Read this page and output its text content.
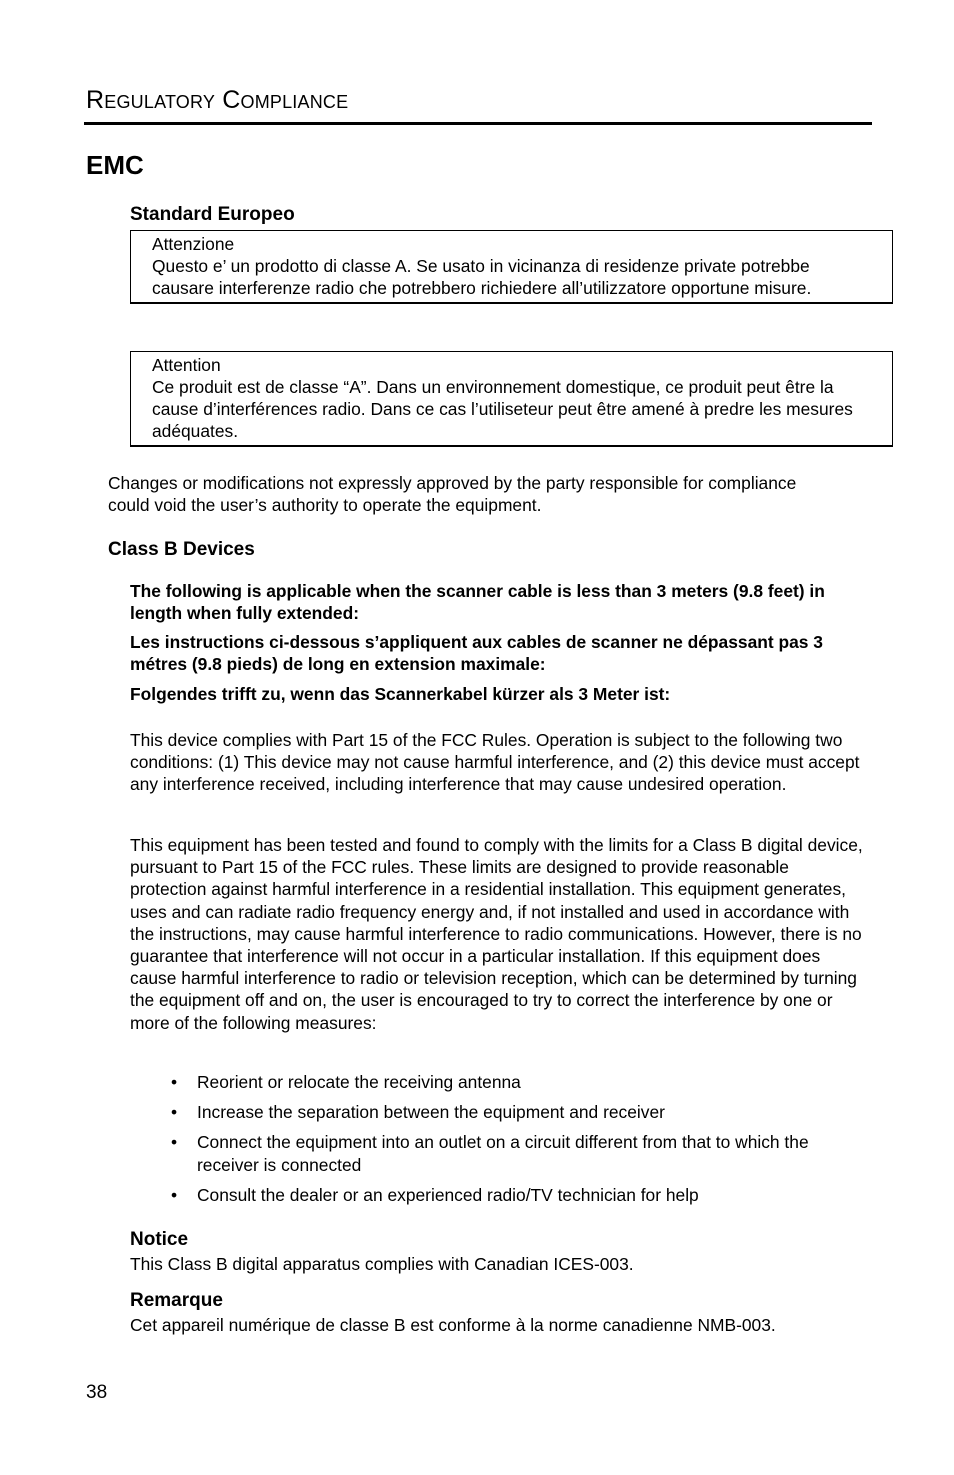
Regulatory Compliance
EMC
Standard Europeo

Attenzione

Questo e’ un prodotto di classe A. Se usato in vicinanza di residenze private potrebbe causare interferenze radio che potrebbero richiedere all’utilizzatore opportune misure.

Attention

Ce produit est de classe “A”. Dans un environnement domestique, ce produit peut être la cause d’interférences radio. Dans ce cas l’utiliseteur peut être amené à predre les mesures adéquates.

Changes or modifications not expressly approved by the party responsible for compliance could void the user’s authority to operate the equipment.

Class B Devices

The following is applicable when the scanner cable is less than 3 meters (9.8 feet) in length when fully extended:

Les instructions ci-dessous s’appliquent aux cables de scanner ne dépassant pas 3 métres (9.8 pieds) de long en extension maximale:

Folgendes trifft zu, wenn das Scannerkabel kürzer als 3 Meter ist:

This device complies with Part 15 of the FCC Rules. Operation is subject to the following two conditions: (1) This device may not cause harmful interference, and (2) this device must accept any interference received, including interference that may cause undesired operation.

This equipment has been tested and found to comply with the limits for a Class B digital device, pursuant to Part 15 of the FCC rules. These limits are designed to provide reasonable protection against harmful interference in a residential installation. This equipment generates, uses and can radiate radio frequency energy and, if not installed and used in accordance with the instructions, may cause harmful interference to radio communications. However, there is no guarantee that interference will not occur in a particular installation. If this equipment does cause harmful interference to radio or television reception, which can be determined by turning the equipment off and on, the user is encouraged to try to correct the interference by one or more of the following measures:

• Reorient or relocate the receiving antenna
• Increase the separation between the equipment and receiver
• Connect the equipment into an outlet on a circuit different from that to which the receiver is connected
• Consult the dealer or an experienced radio/TV technician for help
Notice

This Class B digital apparatus complies with Canadian ICES-003.

Remarque

Cet appareil numérique de classe B est conforme à la norme canadienne NMB-003.

38
